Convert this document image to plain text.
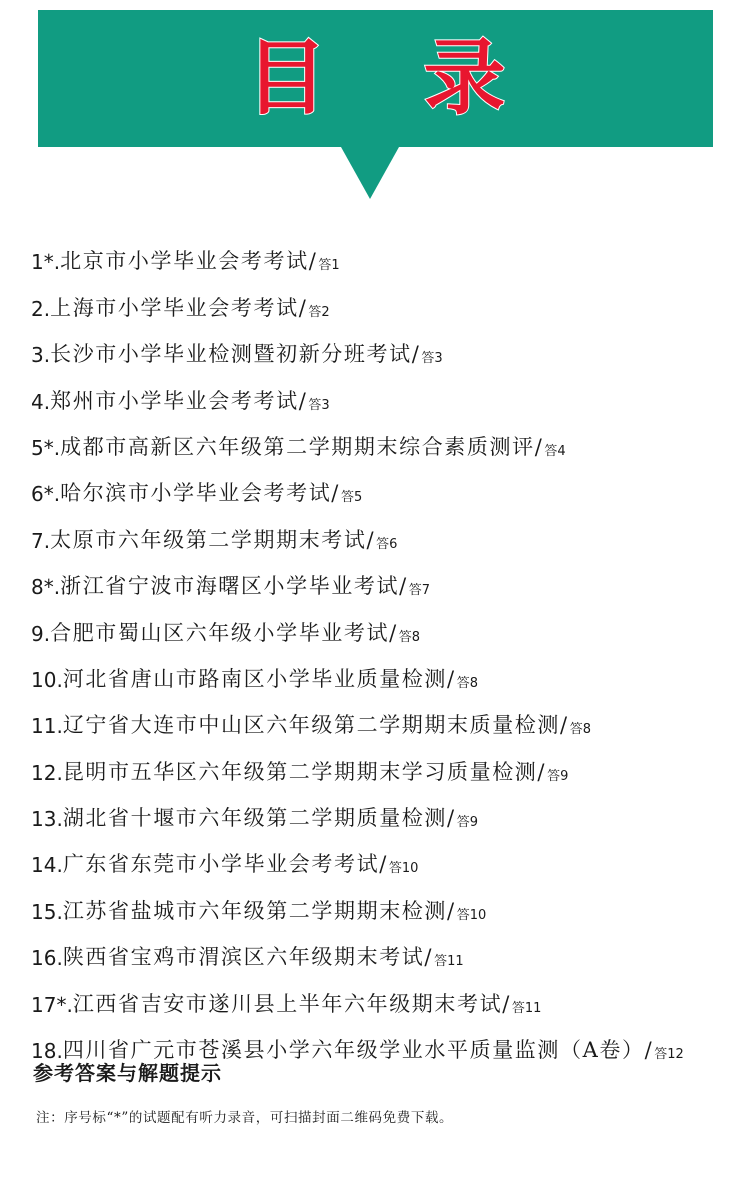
目 录
1*. 北京市小学毕业会考考试/ 答1
2. 上海市小学毕业会考考试/ 答2
3. 长沙市小学毕业检测暨初新分班考试/ 答3
4. 郑州市小学毕业会考考试/ 答3
5*. 成都市高新区六年级第二学期期末综合素质测评/ 答4
6*. 哈尔滨市小学毕业会考考试/ 答5
7. 太原市六年级第二学期期末考试/ 答6
8*. 浙江省宁波市海曙区小学毕业考试/ 答7
9. 合肥市蜀山区六年级小学毕业考试/ 答8
10. 河北省唐山市路南区小学毕业质量检测/ 答8
11. 辽宁省大连市中山区六年级第二学期期末质量检测/ 答8
12. 昆明市五华区六年级第二学期期末学习质量检测/ 答9
13. 湖北省十堰市六年级第二学期质量检测/ 答9
14. 广东省东莞市小学毕业会考考试/ 答10
15. 江苏省盐城市六年级第二学期期末检测/ 答10
16. 陕西省宝鸡市渭滨区六年级期末考试/ 答11
17*. 江西省吉安市遂川县上半年六年级期末考试/ 答11
18. 四川省广元市苍溪县小学六年级学业水平质量监测（A卷）/ 答12
参考答案与解题提示
注：序号标“*”的试题配有听力录音，可扫描封面二维码免费下载。
